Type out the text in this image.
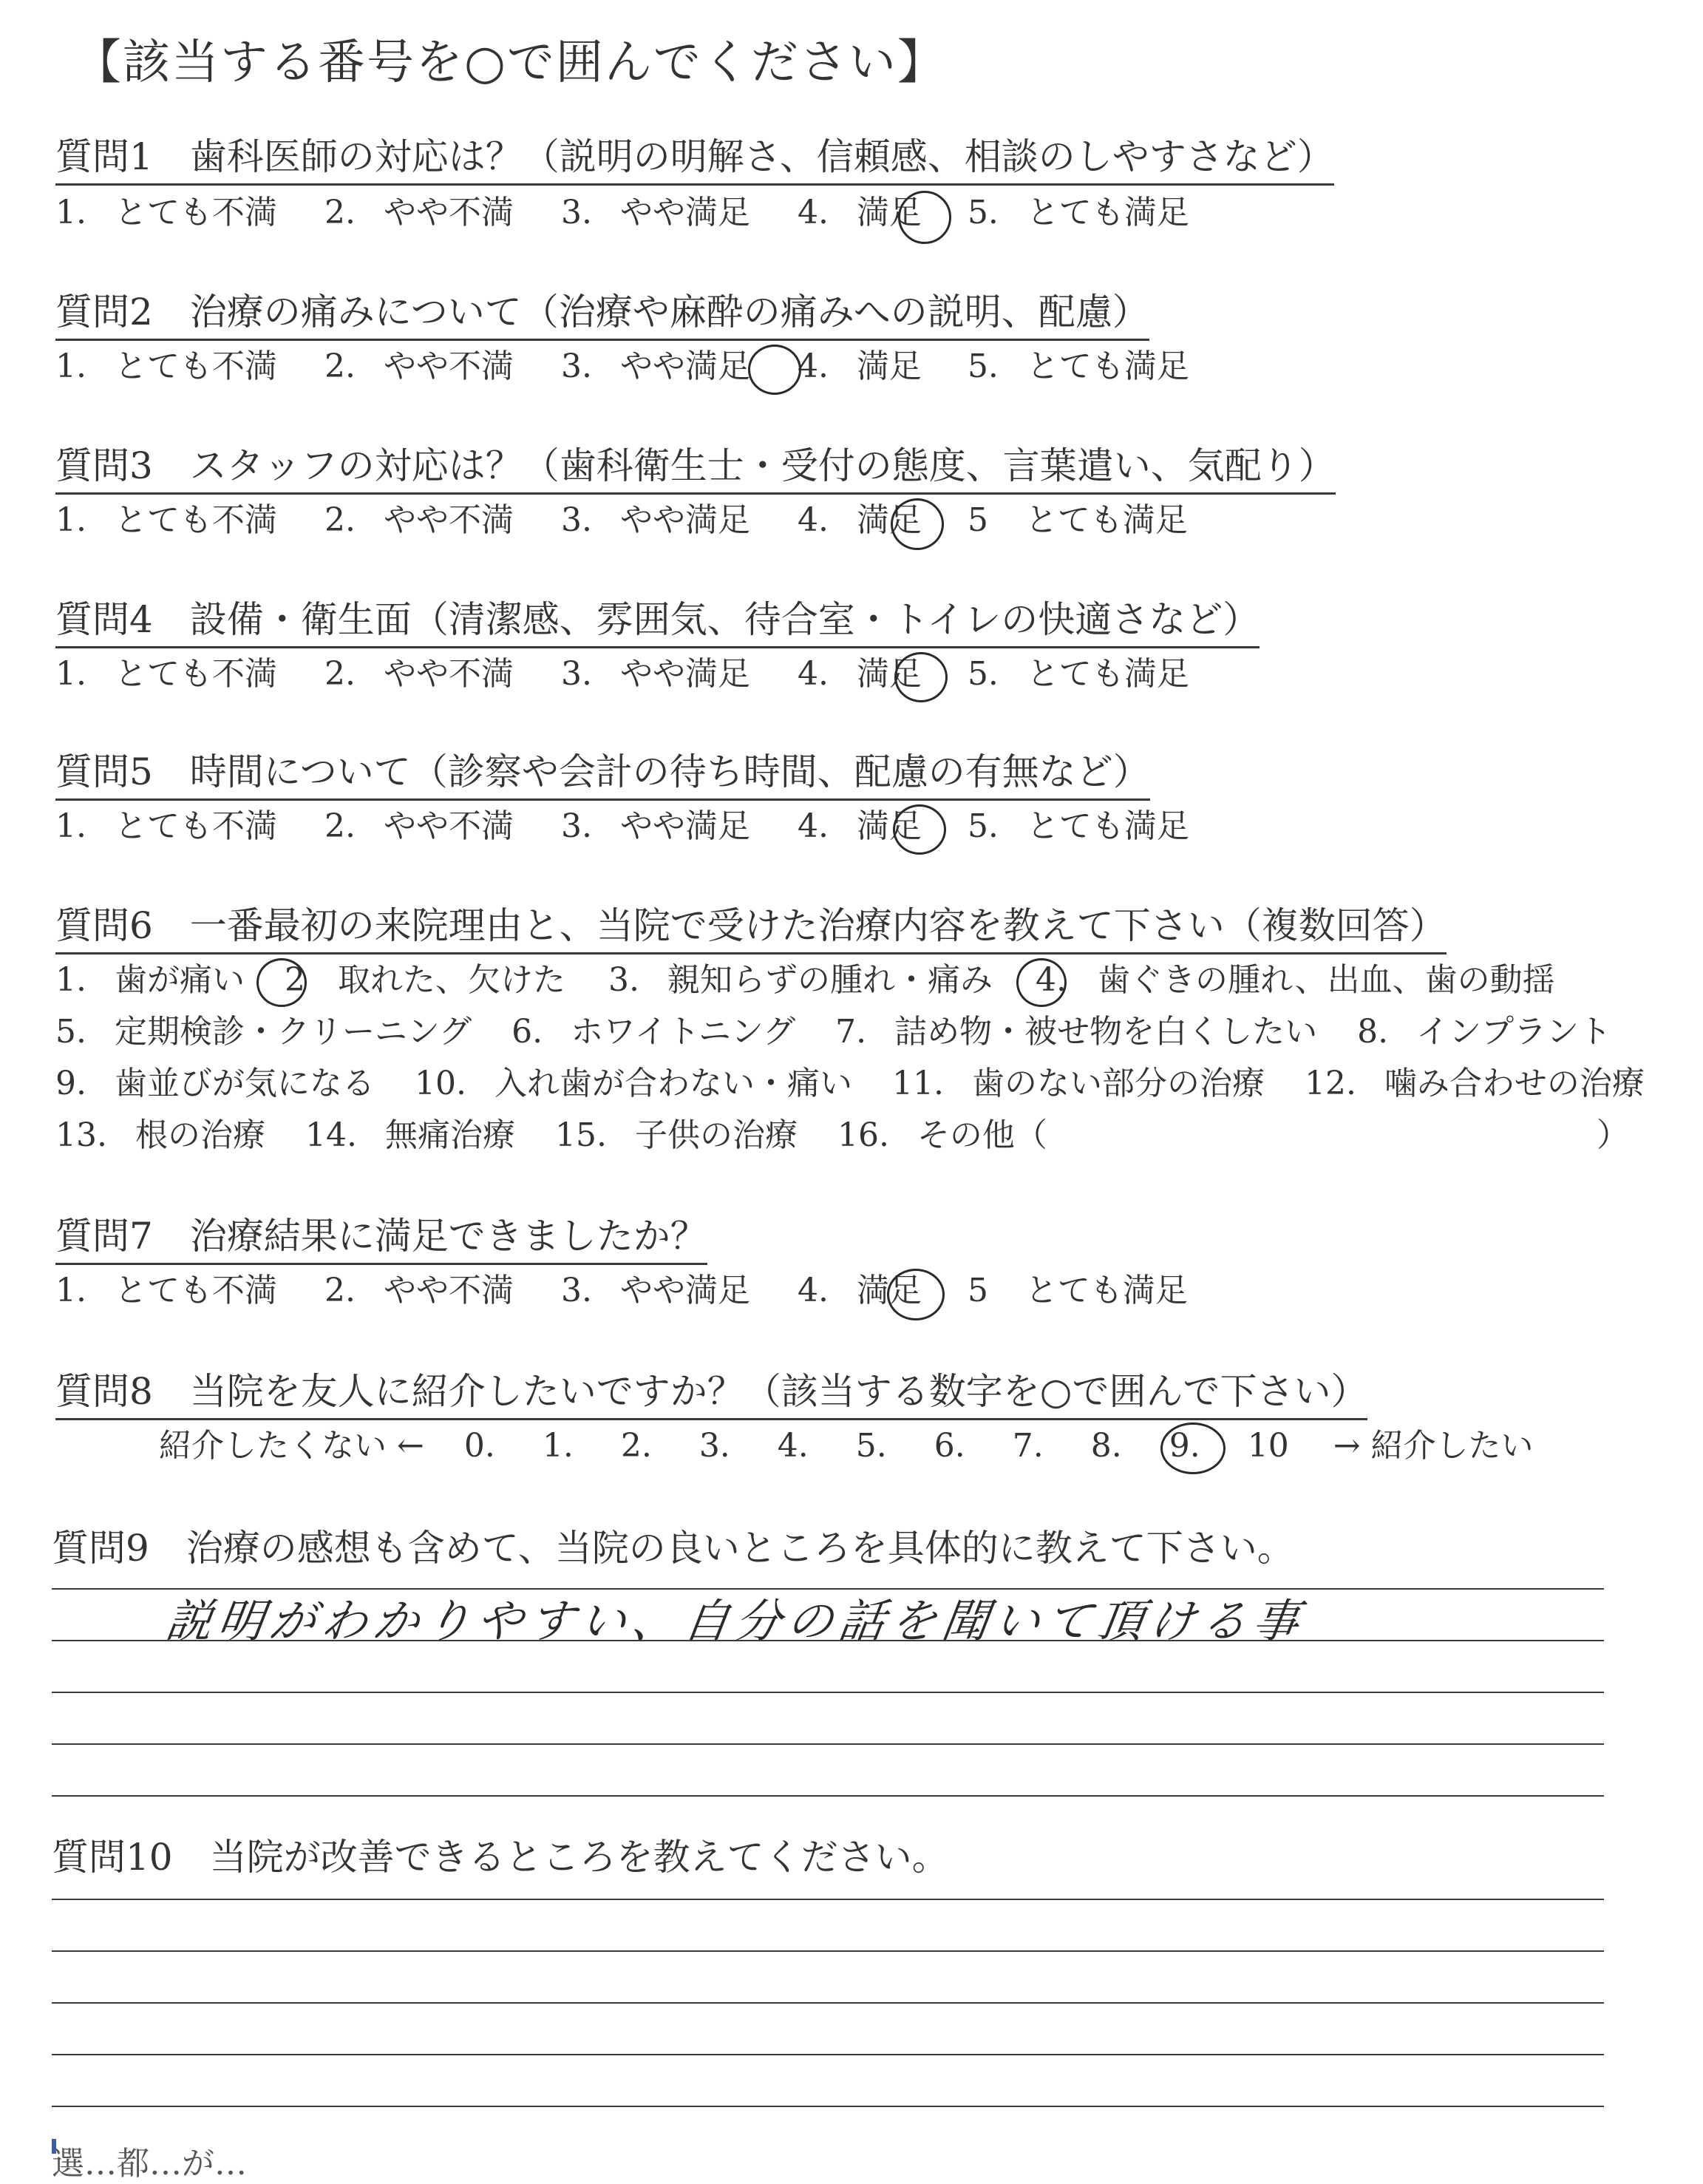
【該当する番号を○で囲んでください】
質問1　歯科医師の対応は？（説明の明解さ、信頼感、相談のしやすさなど）
1. とても不満 2. やや不満 3. やや満足 4. 満足 5. とても満足
質問2　治療の痛みについて（治療や麻酔の痛みへの説明、配慮）
1. とても不満 2. やや不満 3. やや満足 4. 満足 5. とても満足
質問3　スタッフの対応は？（歯科衛生士・受付の態度、言葉遣い、気配り）
1. とても不満 2. やや不満 3. やや満足 4. 満足 5 とても満足
質問4　設備・衛生面（清潔感、雰囲気、待合室・トイレの快適さなど）
1. とても不満 2. やや不満 3. やや満足 4. 満足 5. とても満足
質問5　時間について（診察や会計の待ち時間、配慮の有無など）
1. とても不満 2. やや不満 3. やや満足 4. 満足 5. とても満足
質問6　一番最初の来院理由と、当院で受けた治療内容を教えて下さい（複数回答）
1. 歯が痛い 2 取れた、欠けた 3. 親知らずの腫れ・痛み 4. 歯ぐきの腫れ、出血、歯の動揺
5. 定期検診・クリーニング 6. ホワイトニング 7. 詰め物・被せ物を白くしたい 8. インプラント
9. 歯並びが気になる 10. 入れ歯が合わない・痛い 11. 歯のない部分の治療 12. 噛み合わせの治療
13. 根の治療 14. 無痛治療 15. 子供の治療 16. その他（	）
質問7　治療結果に満足できましたか？
1. とても不満 2. やや不満 3. やや満足 4. 満足 5 とても満足
質問8　当院を友人に紹介したいですか？（該当する数字を○で囲んで下さい）
紹介したくない ← 0. 1. 2. 3. 4. 5. 6. 7. 8. 9. 10 → 紹介したい
質問9　治療の感想も含めて、当院の良いところを具体的に教えて下さい。
説明がわかりやすい、自分の話を聞いて頂ける事
質問10　当院が改善できるところを教えてください。
選…都…が…
